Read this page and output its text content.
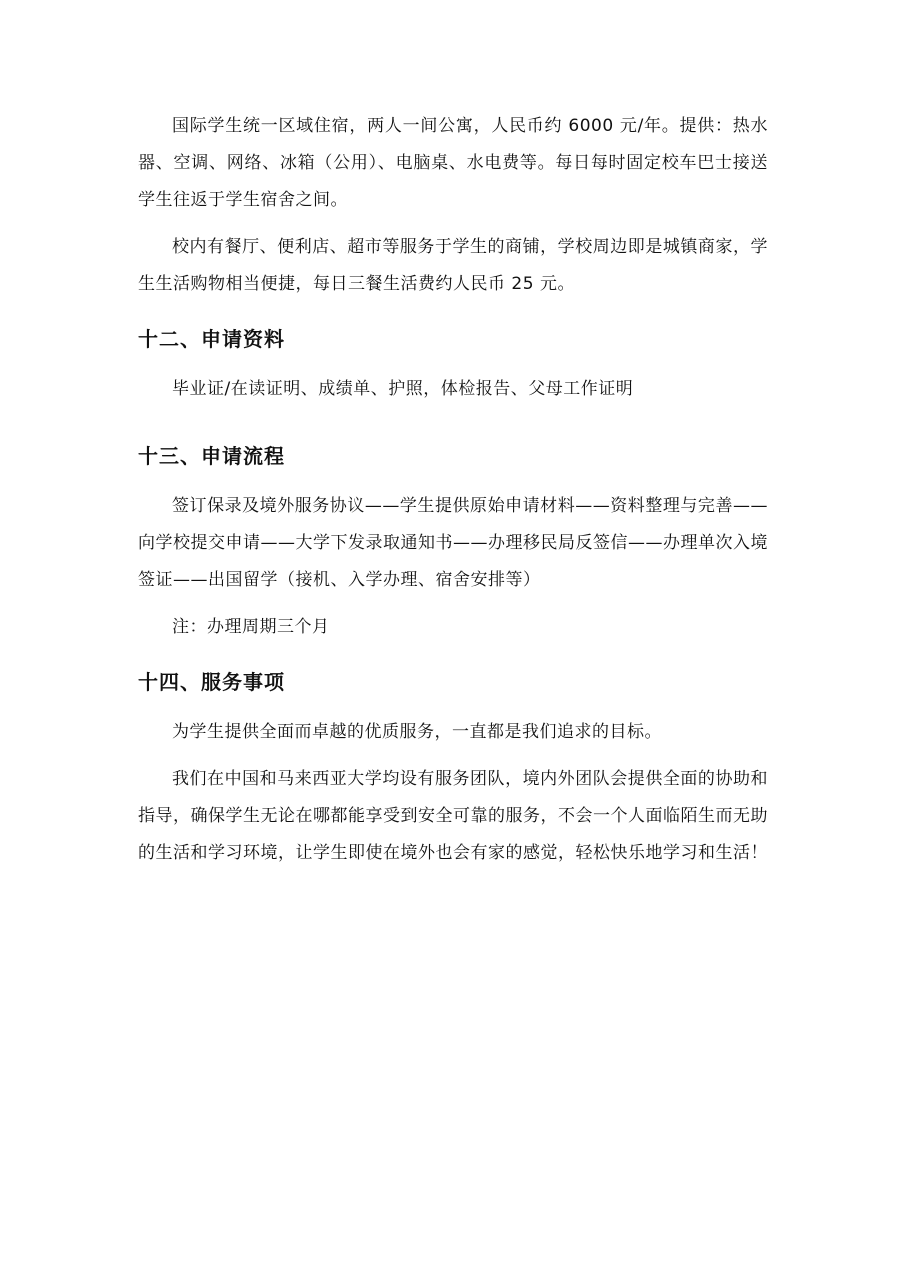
国际学生统一区域住宿，两人一间公寓，人民币约 6000 元/年。提供：热水器、空调、网络、冰箱（公用）、电脑桌、水电费等。每日每时固定校车巴士接送学生往返于学生宿舍之间。

校内有餐厅、便利店、超市等服务于学生的商铺，学校周边即是城镇商家，学生生活购物相当便捷，每日三餐生活费约人民币 25 元。

十二、申请资料

毕业证/在读证明、成绩单、护照，体检报告、父母工作证明

十三、申请流程

签订保录及境外服务协议——学生提供原始申请材料——资料整理与完善——向学校提交申请——大学下发录取通知书——办理移民局反签信——办理单次入境签证——出国留学（接机、入学办理、宿舍安排等）

注：办理周期三个月

十四、服务事项

为学生提供全面而卓越的优质服务，一直都是我们追求的目标。

我们在中国和马来西亚大学均设有服务团队，境内外团队会提供全面的协助和指导，确保学生无论在哪都能享受到安全可靠的服务，不会一个人面临陌生而无助的生活和学习环境，让学生即使在境外也会有家的感觉，轻松快乐地学习和生活！
